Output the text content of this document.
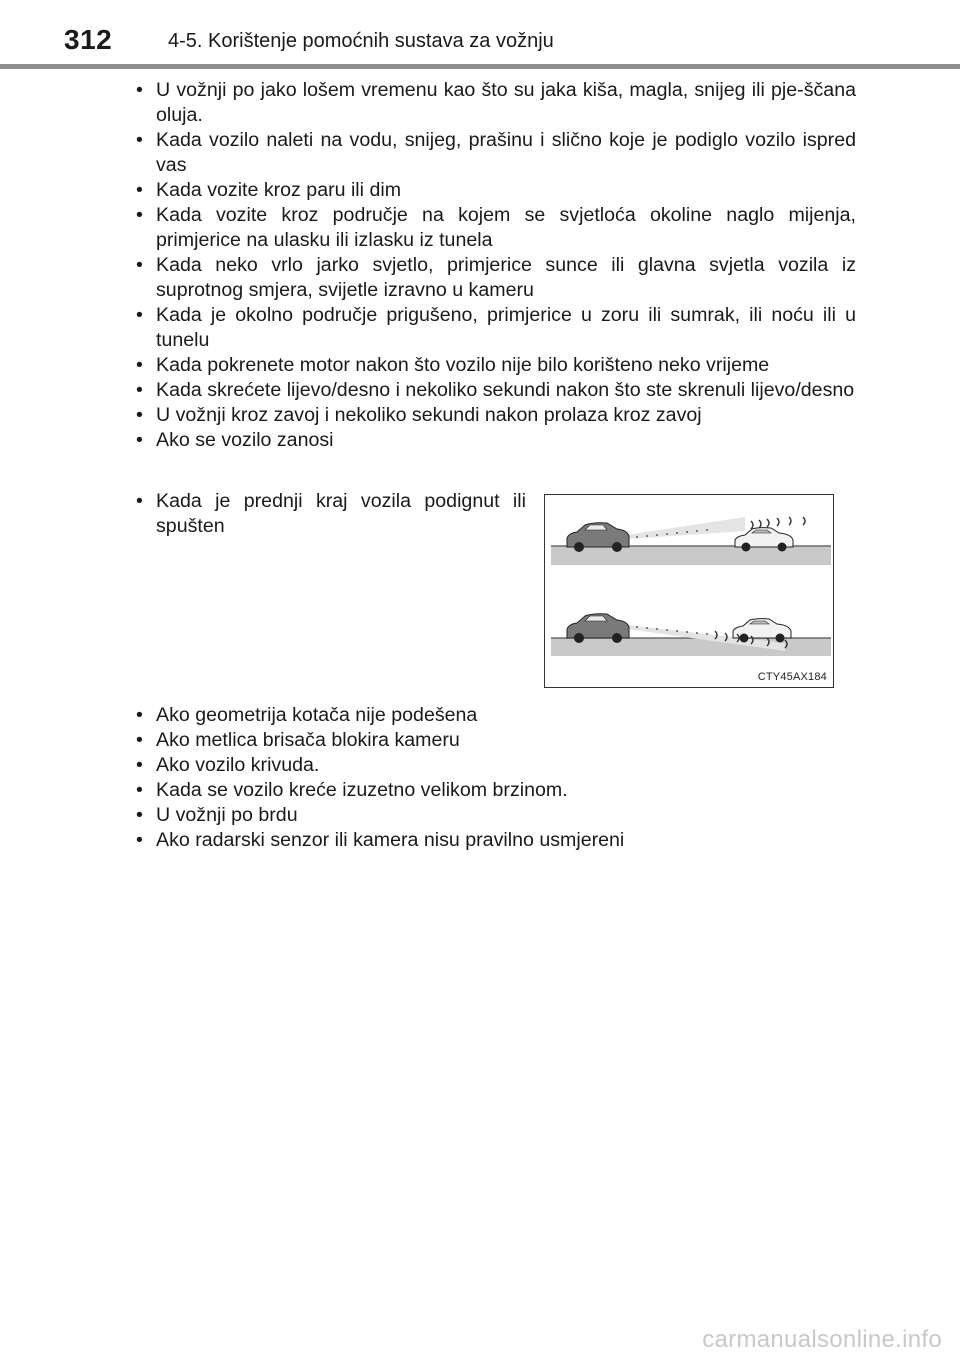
312	4-5. Korištenje pomoćnih sustava za vožnju
• U vožnji po jako lošem vremenu kao što su jaka kiša, magla, snijeg ili pje-ščana oluja.
• Kada vozilo naleti na vodu, snijeg, prašinu i slično koje je podiglo vozilo ispred vas
• Kada vozite kroz paru ili dim
• Kada vozite kroz područje na kojem se svjetloća okoline naglo mijenja, primjerice na ulasku ili izlasku iz tunela
• Kada neko vrlo jarko svjetlo, primjerice sunce ili glavna svjetla vozila iz suprotnog smjera, svijetle izravno u kameru
• Kada je okolno područje prigušeno, primjerice u zoru ili sumrak, ili noću ili u tunelu
• Kada pokrenete motor nakon što vozilo nije bilo korišteno neko vrijeme
• Kada skrećete lijevo/desno i nekoliko sekundi nakon što ste skrenuli lijevo/desno
• U vožnji kroz zavoj i nekoliko sekundi nakon prolaza kroz zavoj
• Ako se vozilo zanosi
• Kada je prednji kraj vozila podignut ili spušten
CTY45AX184
• Ako geometrija kotača nije podešena
• Ako metlica brisača blokira kameru
• Ako vozilo krivuda.
• Kada se vozilo kreće izuzetno velikom brzinom.
• U vožnji po brdu
• Ako radarski senzor ili kamera nisu pravilno usmjereni
carmanualsonline.info
